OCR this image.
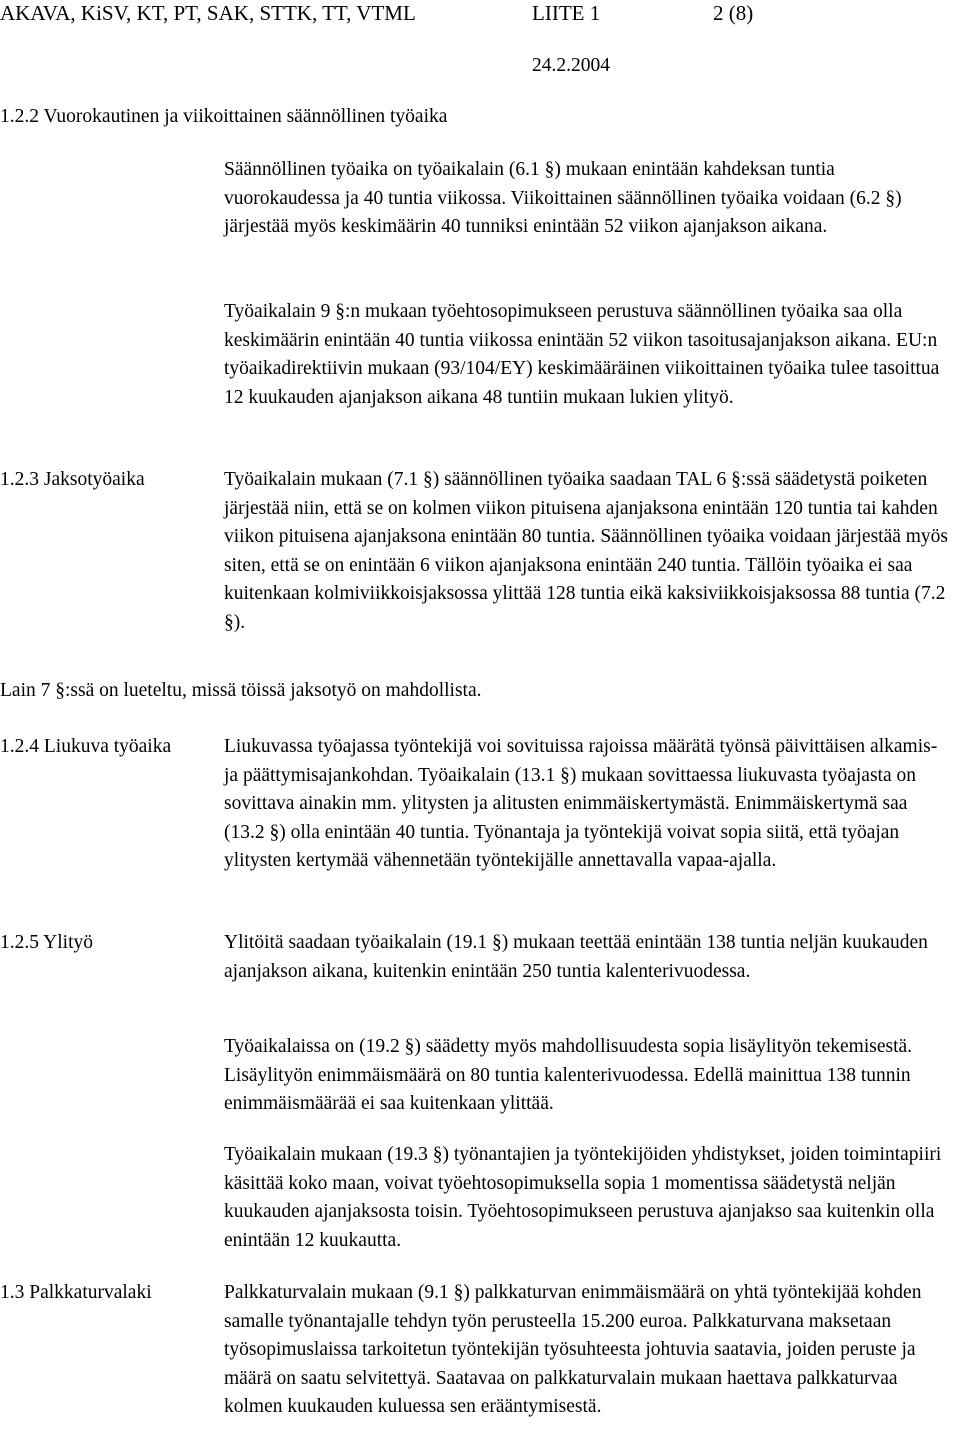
AKAVA, KiSV, KT, PT, SAK, STTK, TT, VTML	LIITE 1	2 (8)
24.2.2004
1.2.2 Vuorokautinen ja viikoittainen säännöllinen työaika

Säännöllinen työaika on työaikalain (6.1 §) mukaan enintään kahdeksan tuntia vuorokaudessa ja 40 tuntia viikossa. Viikoittainen säännöllinen työaika voidaan (6.2 §) järjestää myös keskimäärin 40 tunniksi enintään 52 viikon ajanjakson aikana.

Työaikalain 9 §:n mukaan työehtosopimukseen perustuva säännöllinen työaika saa olla keskimäärin enintään 40 tuntia viikossa enintään 52 viikon tasoitusajanjakson aikana. EU:n työaikadirektiivin mukaan (93/104/EY) keskimääräinen viikoittainen työaika tulee tasoittua 12 kuukauden ajanjakson aikana 48 tuntiin mukaan lukien ylityö.

1.2.3 Jaksotyöaika	Työaikalain mukaan (7.1 §) säännöllinen työaika saadaan TAL 6 §:ssä säädetystä poiketen järjestää niin, että se on kolmen viikon pituisena ajanjaksona enintään 120 tuntia tai kahden viikon pituisena ajanjaksona enintään 80 tuntia. Säännöllinen työaika voidaan järjestää myös siten, että se on enintään 6 viikon ajanjaksona enintään 240 tuntia. Tällöin työaika ei saa kuitenkaan kolmiviikkoisjaksossa ylittää 128 tuntia eikä kaksiviikkoisjaksossa 88 tuntia (7.2 §).

Lain 7 §:ssä on lueteltu, missä töissä jaksotyö on mahdollista.
1.2.4 Liukuva työaika	Liukuvassa työajassa työntekijä voi sovituissa rajoissa määrätä työnsä päivittäisen alkamis- ja päättymisajankohdan. Työaikalain (13.1 §) mukaan sovittaessa liukuvasta työajasta on sovittava ainakin mm. ylitysten ja alitusten enimmäiskertymästä. Enimmäiskertymä saa (13.2 §) olla enintään 40 tuntia. Työnantaja ja työntekijä voivat sopia siitä, että työajan ylitysten kertymää vähennetään työntekijälle annettavalla vapaa-ajalla.

1.2.5 Ylityö	Ylitöitä saadaan työaikalain (19.1 §) mukaan teettää enintään 138 tuntia neljän kuukauden ajanjakson aikana, kuitenkin enintään 250 tuntia kalenterivuodessa.

Työaikalaissa on (19.2 §) säädetty myös mahdollisuudesta sopia lisäylityön tekemisestä. Lisäylityön enimmäismäärä on 80 tuntia kalenterivuodessa. Edellä mainittua 138 tunnin enimmäismäärää ei saa kuitenkaan ylittää.

Työaikalain mukaan (19.3 §) työnantajien ja työntekijöiden yhdistykset, joiden toimintapiiri käsittää koko maan, voivat työehtosopimuksella sopia 1 momentissa säädetystä neljän kuukauden ajanjaksosta toisin. Työehtosopimukseen perustuva ajanjakso saa kuitenkin olla enintään 12 kuukautta.

1.3 Palkkaturvalaki	Palkkaturvalain mukaan (9.1 §) palkkaturvan enimmäismäärä on yhtä työntekijää kohden samalle työnantajalle tehdyn työn perusteella 15.200 euroa. Palkkaturvana maksetaan työsopimuslaissa tarkoitetun työntekijän työsuhteesta johtuvia saatavia, joiden peruste ja määrä on saatu selvitettyä. Saatavaa on palkkaturvalain mukaan haettava palkkaturvaa kolmen kuukauden kuluessa sen erääntymisestä.
